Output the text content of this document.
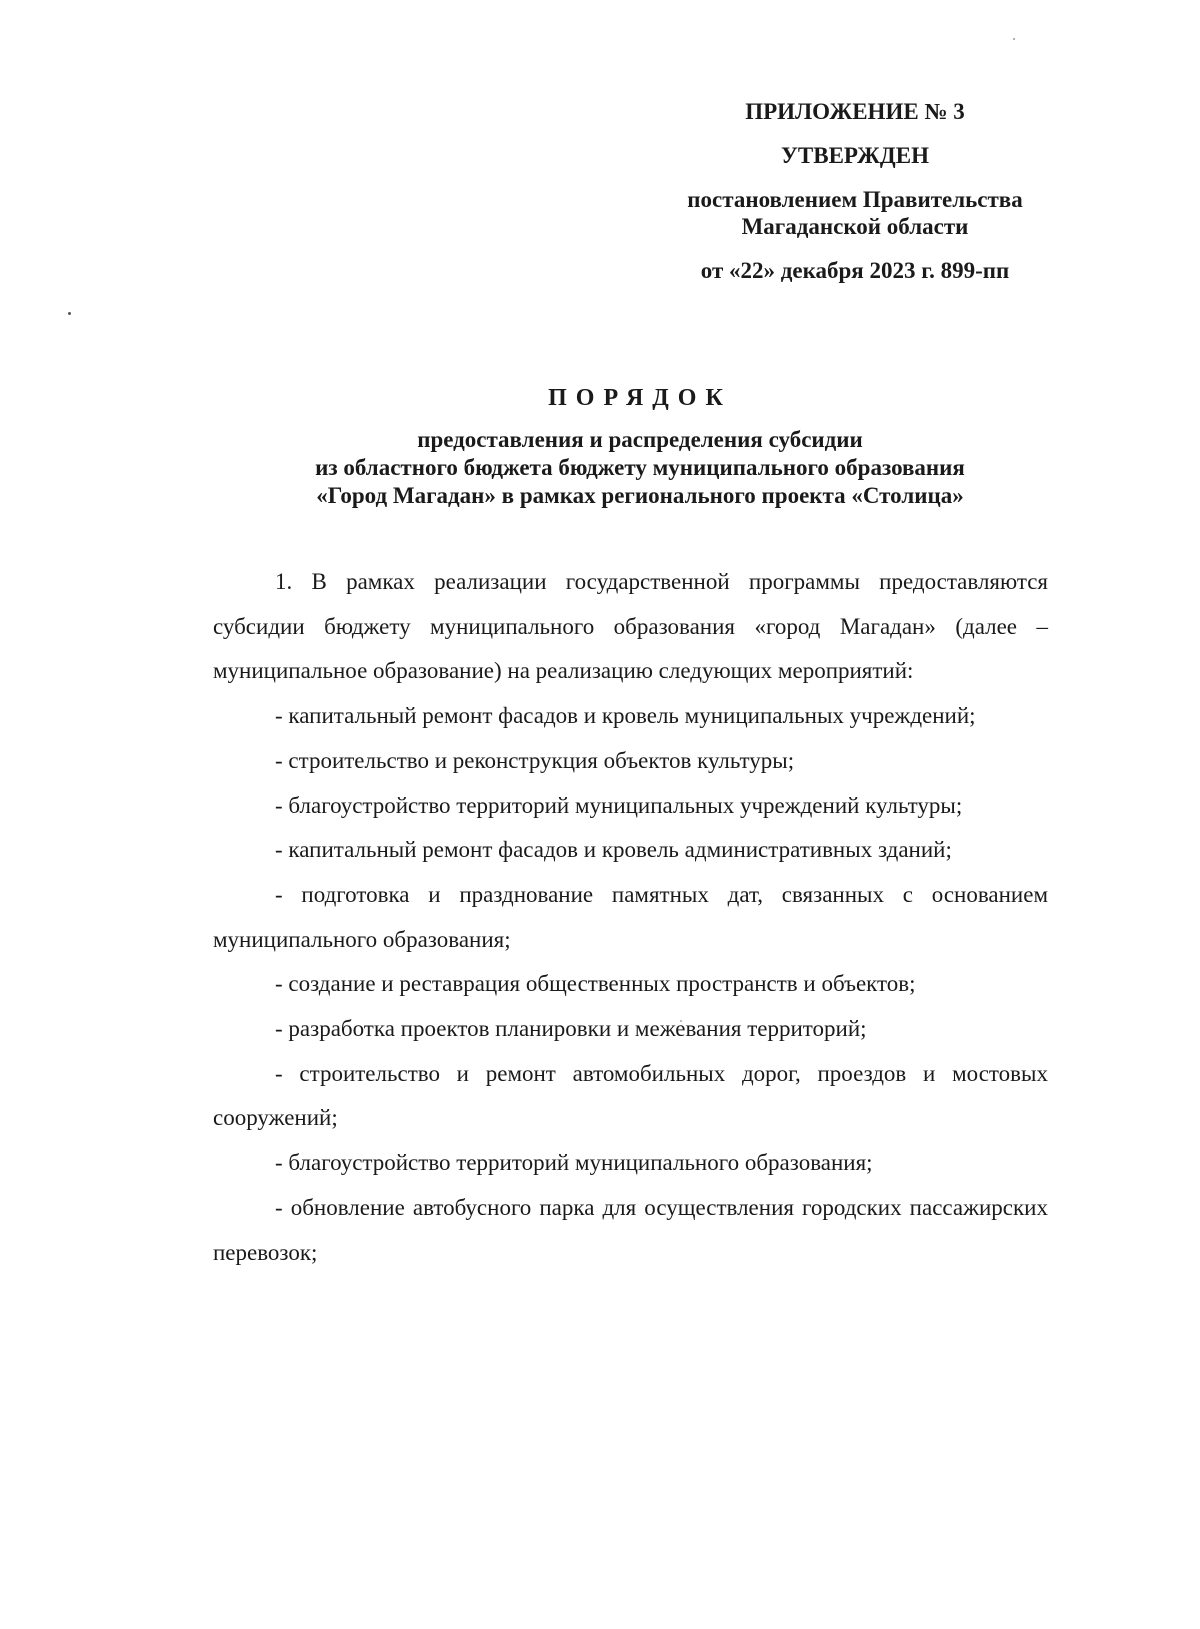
ПРИЛОЖЕНИЕ № 3
УТВЕРЖДЕН
постановлением Правительства
Магаданской области
от «22» декабря 2023 г. 899-пп
ПОРЯДОК
предоставления и распределения субсидии
из областного бюджета бюджету муниципального образования
«Город Магадан» в рамках регионального проекта «Столица»

1. В рамках реализации государственной программы предоставляются субсидии бюджету муниципального образования «город Магадан» (далее – муниципальное образование) на реализацию следующих мероприятий:

- капитальный ремонт фасадов и кровель муниципальных учреждений;

- строительство и реконструкция объектов культуры;

- благоустройство территорий муниципальных учреждений культуры;

- капитальный ремонт фасадов и кровель административных зданий;

- подготовка и празднование памятных дат, связанных с основанием муниципального образования;

- создание и реставрация общественных пространств и объектов;

- разработка проектов планировки и межевания территорий;

- строительство и ремонт автомобильных дорог, проездов и мостовых сооружений;

- благоустройство территорий муниципального образования;

- обновление автобусного парка для осуществления городских пассажирских перевозок;
